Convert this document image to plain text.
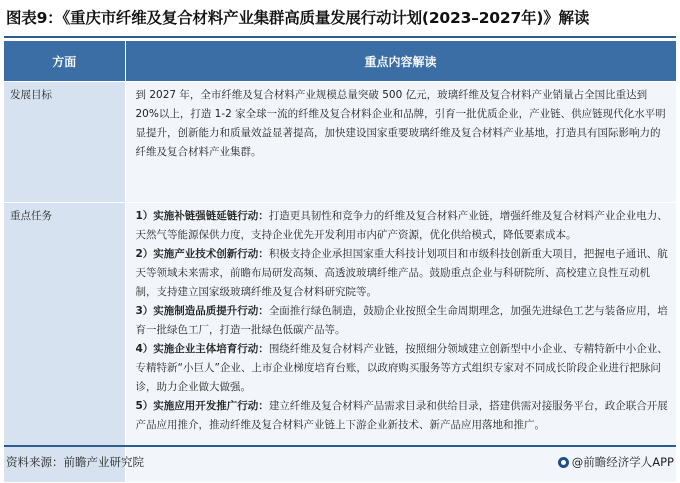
图表9：《重庆市纤维及复合材料产业集群高质量发展行动计划(2023–2027年)》解读
方面	重点内容解读
发展目标	到 2027 年，全市纤维及复合材料产业规模总量突破 500 亿元，玻璃纤维及复合材料产业销量占全国比重达到 20%以上，打造 1-2 家全球一流的纤维及复合材料企业和品牌，引育一批优质企业，产业链、供应链现代化水平明显提升，创新能力和质量效益显著提高，加快建设国家重要玻璃纤维及复合材料产业基地，打造具有国际影响力的纤维及复合材料产业集群。

重点任务	1）实施补链强链延链行动：打造更具韧性和竞争力的纤维及复合材料产业链，增强纤维及复合材料产业企业电力、天然气等能源保供力度，支持企业优先开发利用市内矿产资源，优化供给模式，降低要素成本。

2）实施产业技术创新行动：积极支持企业承担国家重大科技计划项目和市级科技创新重大项目，把握电子通讯、航天等领域未来需求，前瞻布局研发高频、高透波玻璃纤维产品。鼓励重点企业与科研院所、高校建立良性互动机制，支持建立国家级玻璃纤维及复合材料研究院等。

3）实施制造品质提升行动：全面推行绿色制造，鼓励企业按照全生命周期理念，加强先进绿色工艺与装备应用，培育一批绿色工厂，打造一批绿色低碳产品等。

4）实施企业主体培育行动：围绕纤维及复合材料产业链，按照细分领域建立创新型中小企业、专精特新中小企业、专精特新“小巨人”企业、上市企业梯度培育台账，以政府购买服务等方式组织专家对不同成长阶段企业进行把脉问诊，助力企业做大做强。

5）实施应用开发推广行动：建立纤维及复合材料产品需求目录和供给目录，搭建供需对接服务平台，政企联合开展产品应用推介，推动纤维及复合材料产业链上下游企业新技术、新产品应用落地和推广。

资料来源：前瞻产业研究院	@前瞻经济学人APP
